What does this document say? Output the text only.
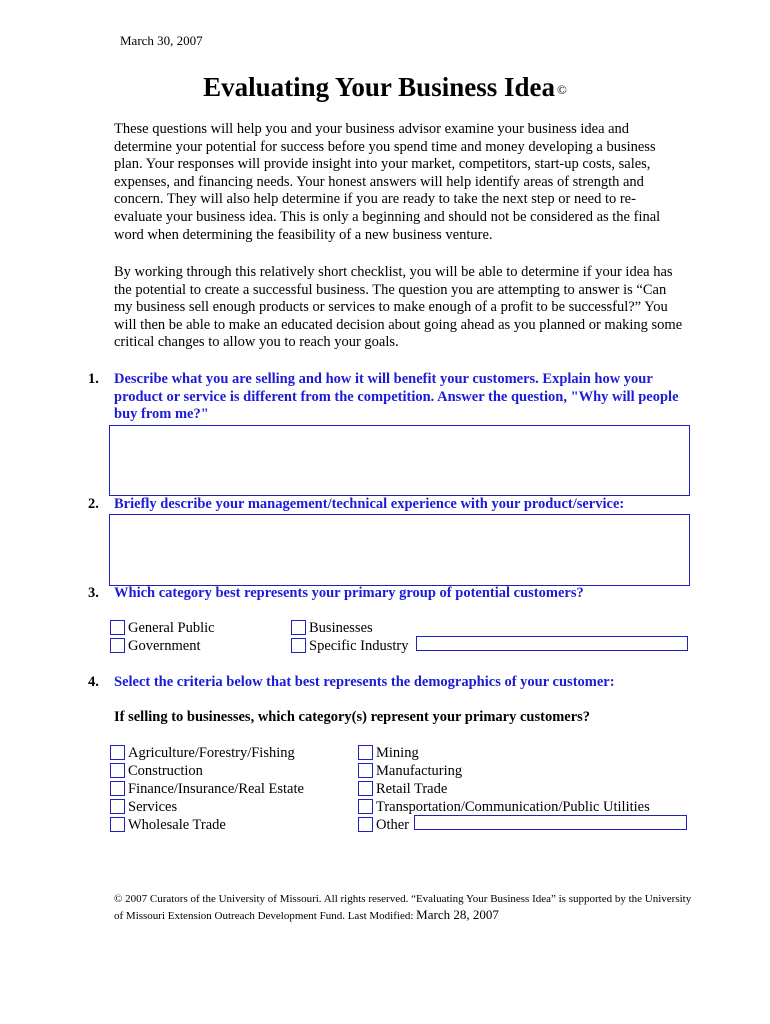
March 30, 2007
Evaluating Your Business Idea ©
These questions will help you and your business advisor examine your business idea and determine your potential for success before you spend time and money developing a business plan. Your responses will provide insight into your market, competitors, start-up costs, sales, expenses, and financing needs. Your honest answers will help identify areas of strength and concern. They will also help determine if you are ready to take the next step or need to re-evaluate your business idea. This is only a beginning and should not be considered as the final word when determining the feasibility of a new business venture.
By working through this relatively short checklist, you will be able to determine if your idea has the potential to create a successful business. The question you are attempting to answer is “Can my business sell enough products or services to make enough of a profit to be successful?” You will then be able to make an educated decision about going ahead as you planned or making some critical changes to allow you to reach your goals.
1. Describe what you are selling and how it will benefit your customers. Explain how your product or service is different from the competition. Answer the question, "Why will people buy from me?"
2. Briefly describe your management/technical experience with your product/service:
3. Which category best represents your primary group of potential customers?
General Public
Government
Businesses
Specific Industry
4. Select the criteria below that best represents the demographics of your customer:
If selling to businesses, which category(s) represent your primary customers?
Agriculture/Forestry/Fishing
Construction
Finance/Insurance/Real Estate
Services
Wholesale Trade
Mining
Manufacturing
Retail Trade
Transportation/Communication/Public Utilities
Other
© 2007 Curators of the University of Missouri. All rights reserved. “Evaluating Your Business Idea” is supported by the University of Missouri Extension Outreach Development Fund. Last Modified: March 28, 2007
